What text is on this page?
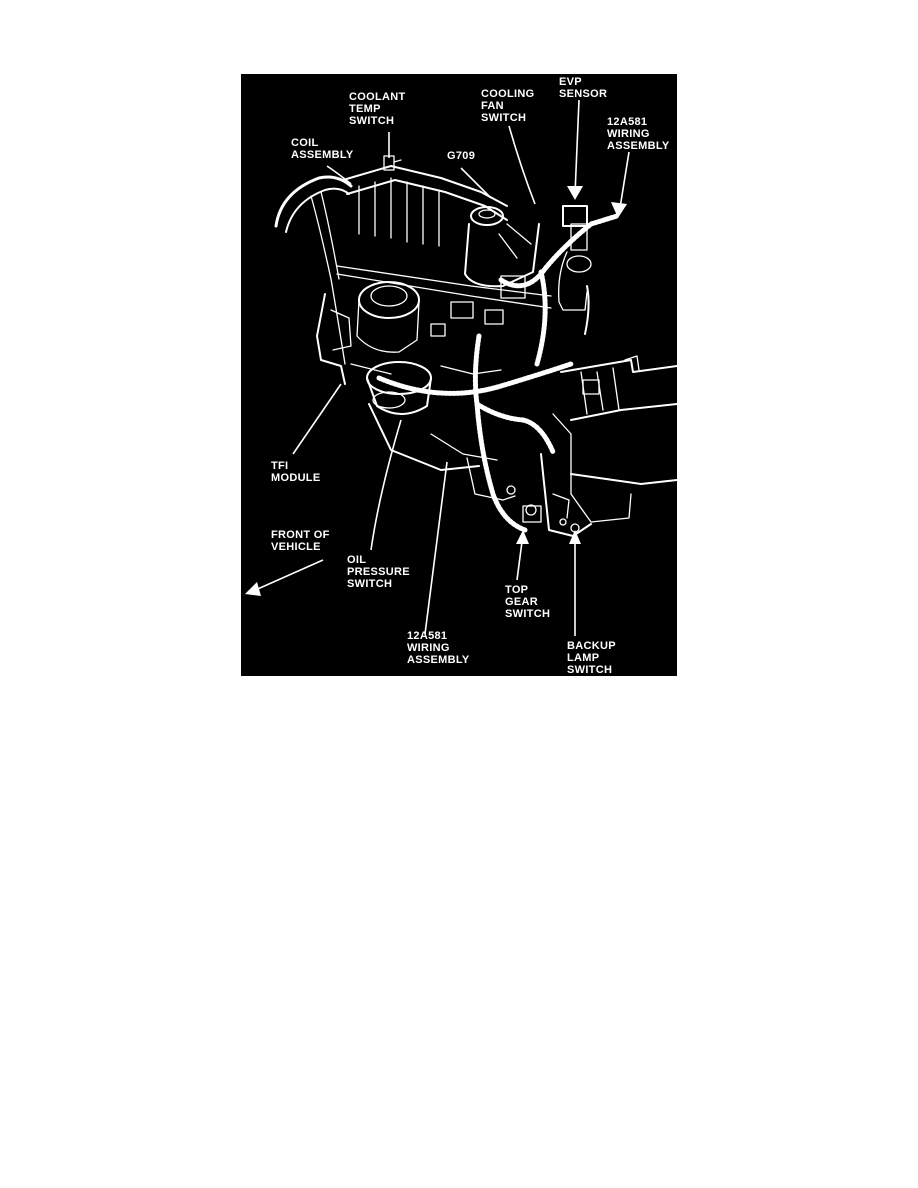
COOLANT
TEMP
SWITCH
COOLING
FAN
SWITCH
EVP
SENSOR
12A581
WIRING
ASSEMBLY
COIL
ASSEMBLY	G709
TFI
MODULE
FRONT OF
VEHICLE
OIL
PRESSURE
SWITCH	TOP
GEAR
SWITCH
12A581
WIRING
ASSEMBLY
BACKUP
LAMP
SWITCH
